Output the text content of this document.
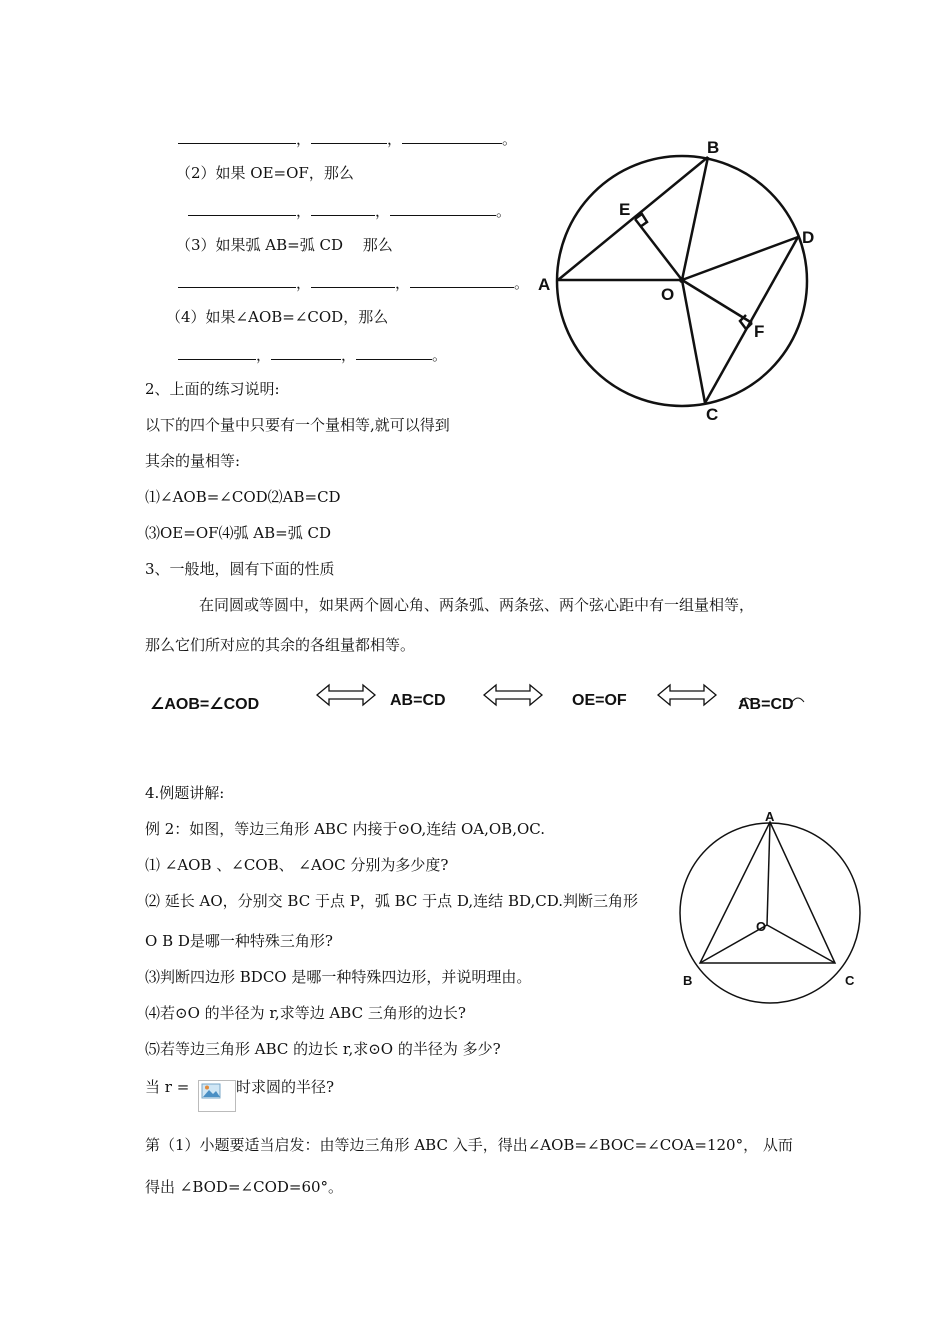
，	，	。
（2）如果 OE=OF，那么
，	，	。
（3）如果弧 AB=弧 CD　 那么
，	，	。
（4）如果∠AOB=∠COD，那么
，	，	。
2、上面的练习说明:
以下的四个量中只要有一个量相等,就可以得到
其余的量相等:
⑴∠AOB=∠COD⑵AB=CD
⑶OE=OF⑷弧 AB=弧 CD
3、一般地，圆有下面的性质
在同圆或等圆中，如果两个圆心角、两条弧、两条弦、两个弦心距中有一组量相等，
那么它们所对应的其余的各组量都相等。
∠AOB=∠COD	AB=CD	OE=OF	AB=CD
A
B
C
D
E
F
O
4.例题讲解:
例 2：如图，等边三角形 ABC 内接于⊙O,连结 OA,OB,OC.
⑴ ∠AOB 、∠COB、 ∠AOC 分别为多少度?
⑵ 延长 AO，分别交 BC 于点 P，弧 BC 于点 D,连结 BD,CD.判断三角形
O B D是哪一种特殊三角形?
⑶判断四边形 BDCO 是哪一种特殊四边形，并说明理由。
⑷若⊙O 的半径为 r,求等边 ABC 三角形的边长?
⑸若等边三角形 ABC 的边长 r,求⊙O 的半径为 多少?
当 r =	时求圆的半径?
第（1）小题要适当启发：由等边三角形 ABC 入手，得出∠AOB=∠BOC=∠COA=120°， 从而
得出 ∠BOD=∠COD=60°。
A
B	C
O
